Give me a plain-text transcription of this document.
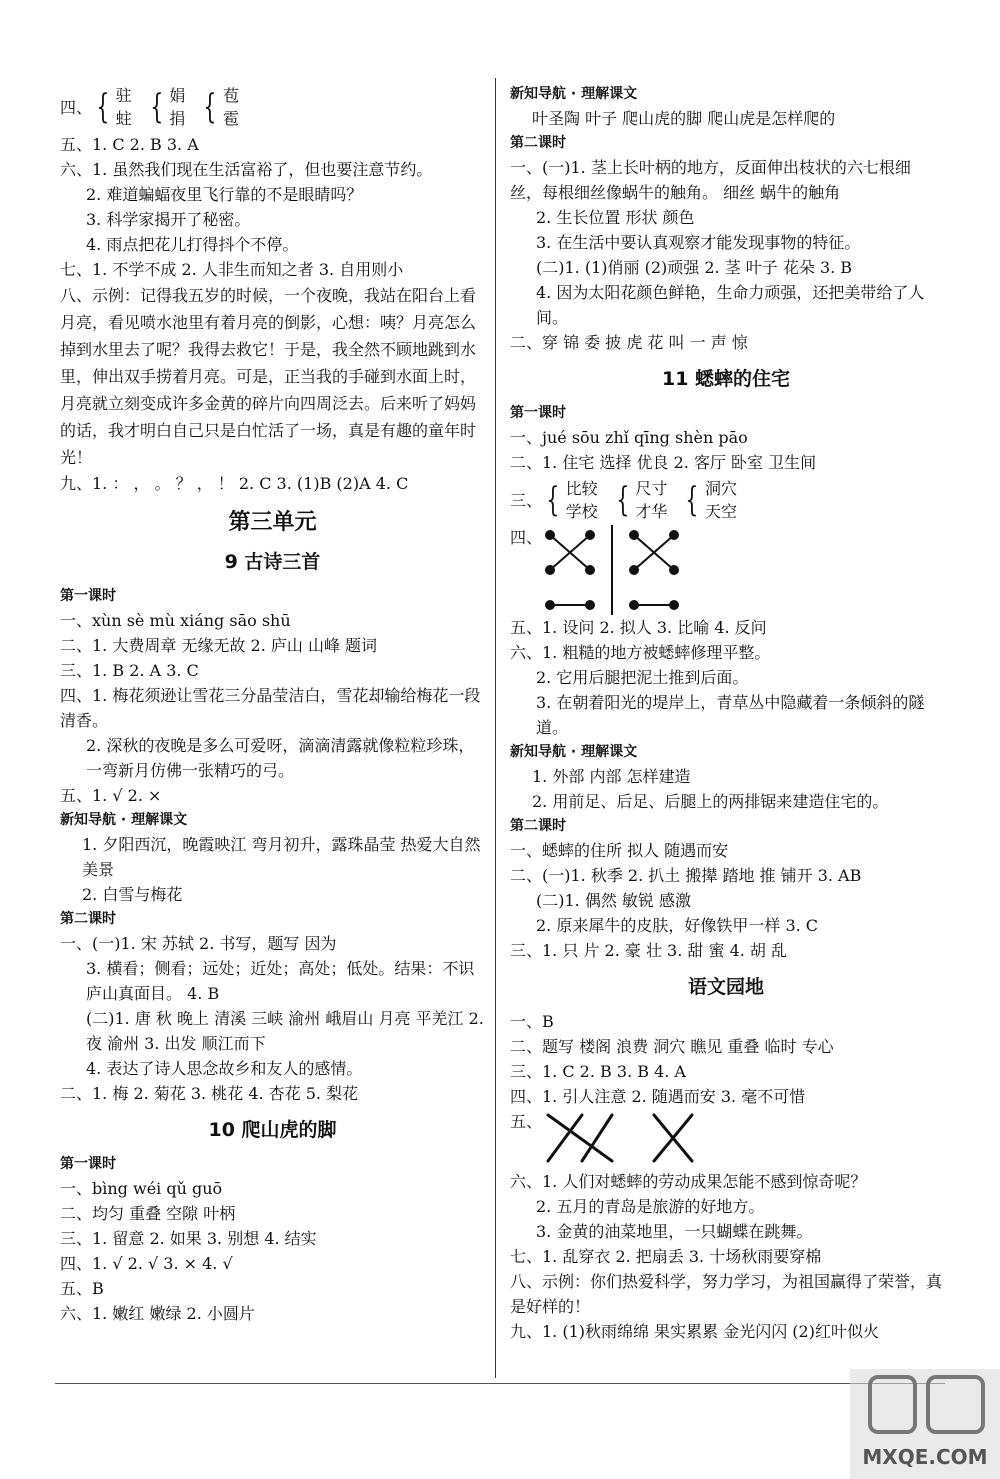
四、 { 驻
蛀 { 娟
捐 { 苞
雹
五、1. C 2. B 3. A
六、1. 虽然我们现在生活富裕了，但也要注意节约。
2. 难道蝙蝠夜里飞行靠的不是眼睛吗？
3. 科学家揭开了秘密。
4. 雨点把花儿打得抖个不停。
七、1. 不学不成 2. 人非生而知之者 3. 自用则小
八、示例：记得我五岁的时候，一个夜晚，我站在阳台上看月亮，看见喷水池里有着月亮的倒影，心想：咦？月亮怎么掉到水里去了呢？我得去救它！于是，我全然不顾地跳到水里，伸出双手捞着月亮。可是，正当我的手碰到水面上时，月亮就立刻变成许多金黄的碎片向四周泛去。后来听了妈妈的话，我才明白自己只是白忙活了一场，真是有趣的童年时光！
九、1. ： ， 。 ？ ， ！ 2. C 3. (1)B (2)A 4. C
第三单元
9 古诗三首
第一课时
一、xùn sè mù xiáng sāo shū
二、1. 大费周章 无缘无故 2. 庐山 山峰 题词
三、1. B 2. A 3. C
四、1. 梅花须逊让雪花三分晶莹洁白，雪花却输给梅花一段清香。
2. 深秋的夜晚是多么可爱呀，滴滴清露就像粒粒珍珠，一弯新月仿佛一张精巧的弓。
五、1. √ 2. ×
新知导航 · 理解课文
1. 夕阳西沉，晚霞映江 弯月初升，露珠晶莹 热爱大自然美景
2. 白雪与梅花
第二课时
一、(一)1. 宋 苏轼 2. 书写，题写 因为
3. 横看；侧看；远处；近处；高处；低处。结果：不识庐山真面目。 4. B
(二)1. 唐 秋 晚上 清溪 三峡 渝州 峨眉山 月亮 平羌江 2. 夜 渝州 3. 出发 顺江而下
4. 表达了诗人思念故乡和友人的感情。
二、1. 梅 2. 菊花 3. 桃花 4. 杏花 5. 梨花
10 爬山虎的脚
第一课时
一、bìng wéi qǔ guō
二、均匀 重叠 空隙 叶柄
三、1. 留意 2. 如果 3. 别想 4. 结实
四、1. √ 2. √ 3. × 4. √
五、B
六、1. 嫩红 嫩绿 2. 小圆片
新知导航 · 理解课文
叶圣陶 叶子 爬山虎的脚 爬山虎是怎样爬的
第二课时
一、(一)1. 茎上长叶柄的地方，反面伸出枝状的六七根细丝，每根细丝像蜗牛的触角。 细丝 蜗牛的触角
2. 生长位置 形状 颜色
3. 在生活中要认真观察才能发现事物的特征。
(二)1. (1)俏丽 (2)顽强 2. 茎 叶子 花朵 3. B
4. 因为太阳花颜色鲜艳，生命力顽强，还把美带给了人间。
二、穿 锦 委 披 虎 花 叫 一 声 惊
11 蟋蟀的住宅
第一课时
一、jué sōu zhǐ qīng shèn pāo
二、1. 住宅 选择 优良 2. 客厅 卧室 卫生间
三、 { 比较
学校 { 尺寸
才华 { 洞穴
天空
四、
五、1. 设问 2. 拟人 3. 比喻 4. 反问
六、1. 粗糙的地方被蟋蟀修理平整。
2. 它用后腿把泥土推到后面。
3. 在朝着阳光的堤岸上，青草丛中隐藏着一条倾斜的隧道。
新知导航 · 理解课文
1. 外部 内部 怎样建造
2. 用前足、后足、后腿上的两排锯来建造住宅的。
第二课时
一、蟋蟀的住所 拟人 随遇而安
二、(一)1. 秋季 2. 扒土 搬撵 踏地 推 铺开 3. AB
(二)1. 偶然 敏锐 感激
2. 原来犀牛的皮肤，好像铁甲一样 3. C
三、1. 只 片 2. 豪 壮 3. 甜 蜜 4. 胡 乱
语文园地
一、B
二、题写 楼阁 浪费 洞穴 瞧见 重叠 临时 专心
三、1. C 2. B 3. B 4. A
四、1. 引人注意 2. 随遇而安 3. 毫不可惜
五、
六、1. 人们对蟋蟀的劳动成果怎能不感到惊奇呢？
2. 五月的青岛是旅游的好地方。
3. 金黄的油菜地里，一只蝴蝶在跳舞。
七、1. 乱穿衣 2. 把扇丢 3. 十场秋雨要穿棉
八、示例：你们热爱科学，努力学习，为祖国赢得了荣誉，真是好样的！
九、1. (1)秋雨绵绵 果实累累 金光闪闪 (2)红叶似火
MXQE.COM
